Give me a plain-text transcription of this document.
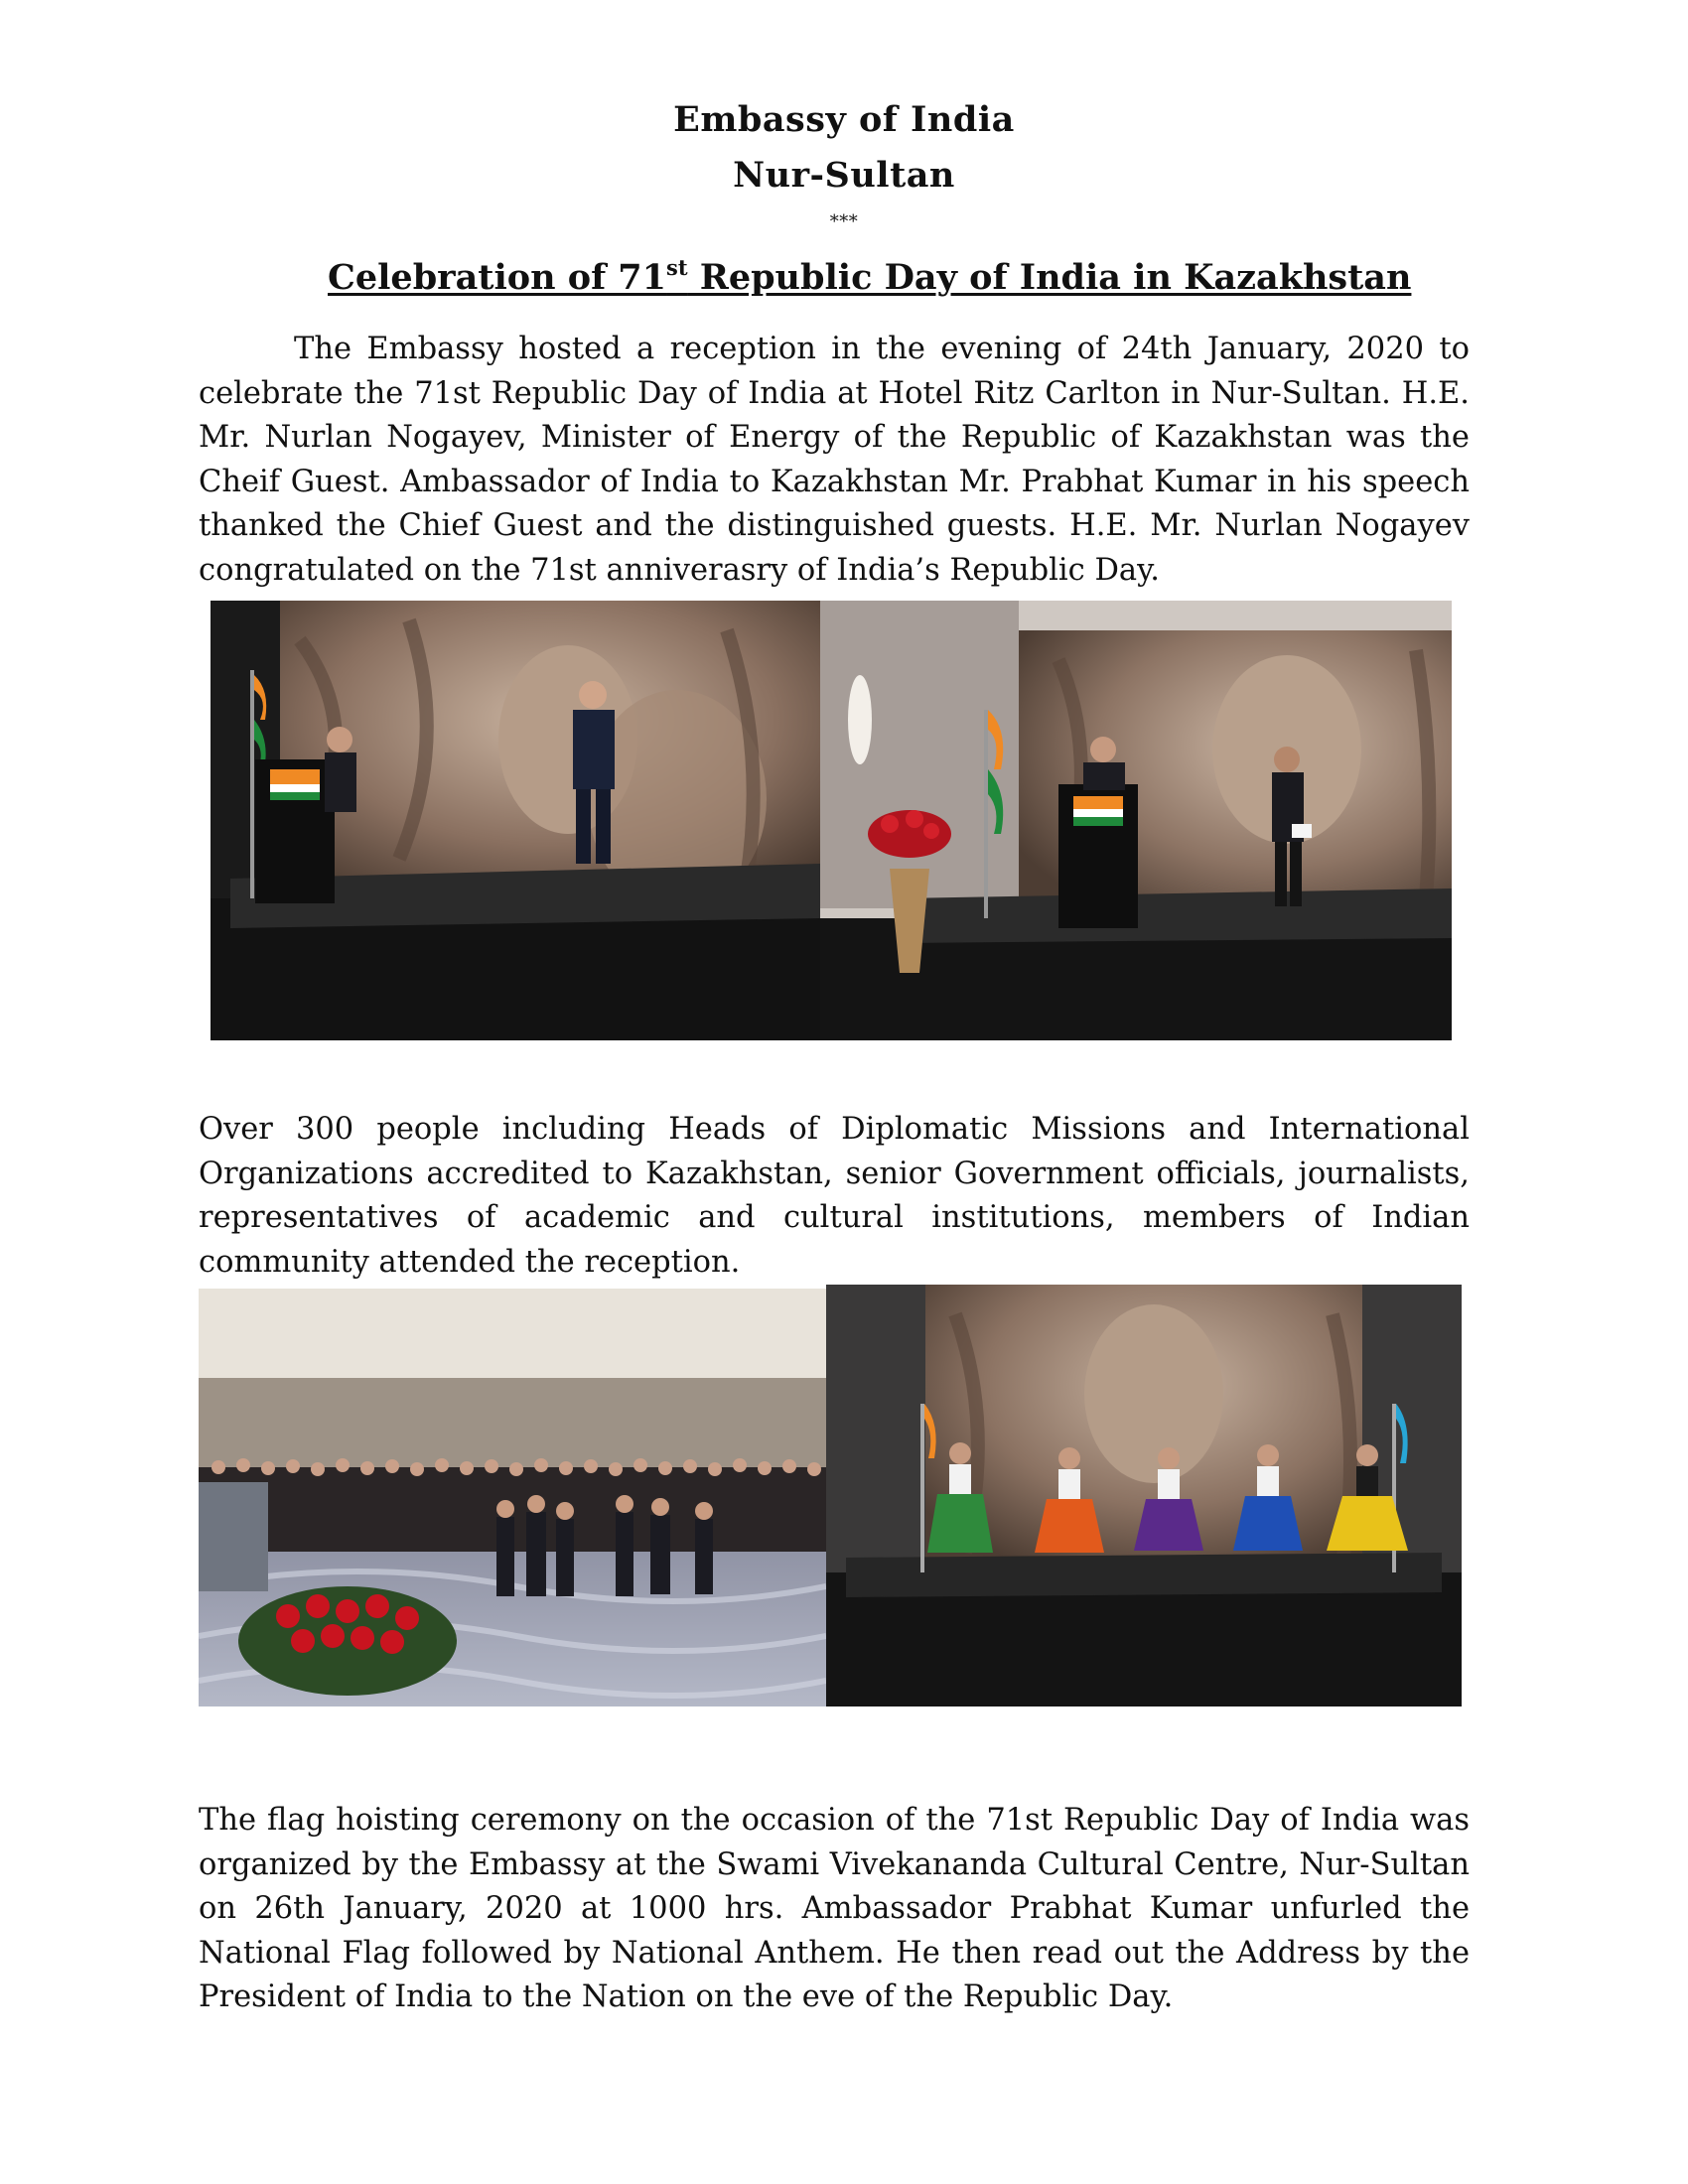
Embassy of India
Nur-Sultan
***
Celebration of 71st Republic Day of India in Kazakhstan

The Embassy hosted a reception in the evening of 24th January, 2020 to celebrate the 71st Republic Day of India at Hotel Ritz Carlton in Nur-Sultan. H.E. Mr. Nurlan Nogayev, Minister of Energy of the Republic of Kazakhstan was the Cheif Guest. Ambassador of India to Kazakhstan Mr. Prabhat Kumar in his speech thanked the Chief Guest and the distinguished guests. H.E. Mr. Nurlan Nogayev congratulated on the 71st anniverasry of India’s Republic Day.

Over 300 people including Heads of Diplomatic Missions and International Organizations accredited to Kazakhstan, senior Government officials, journalists, representatives of academic and cultural institutions, members of Indian community attended the reception.

The flag hoisting ceremony on the occasion of the 71st Republic Day of India was organized by the Embassy at the Swami Vivekananda Cultural Centre, Nur-Sultan on 26th January, 2020 at 1000 hrs. Ambassador Prabhat Kumar unfurled the National Flag followed by National Anthem. He then read out the Address by the President of India to the Nation on the eve of the Republic Day.
